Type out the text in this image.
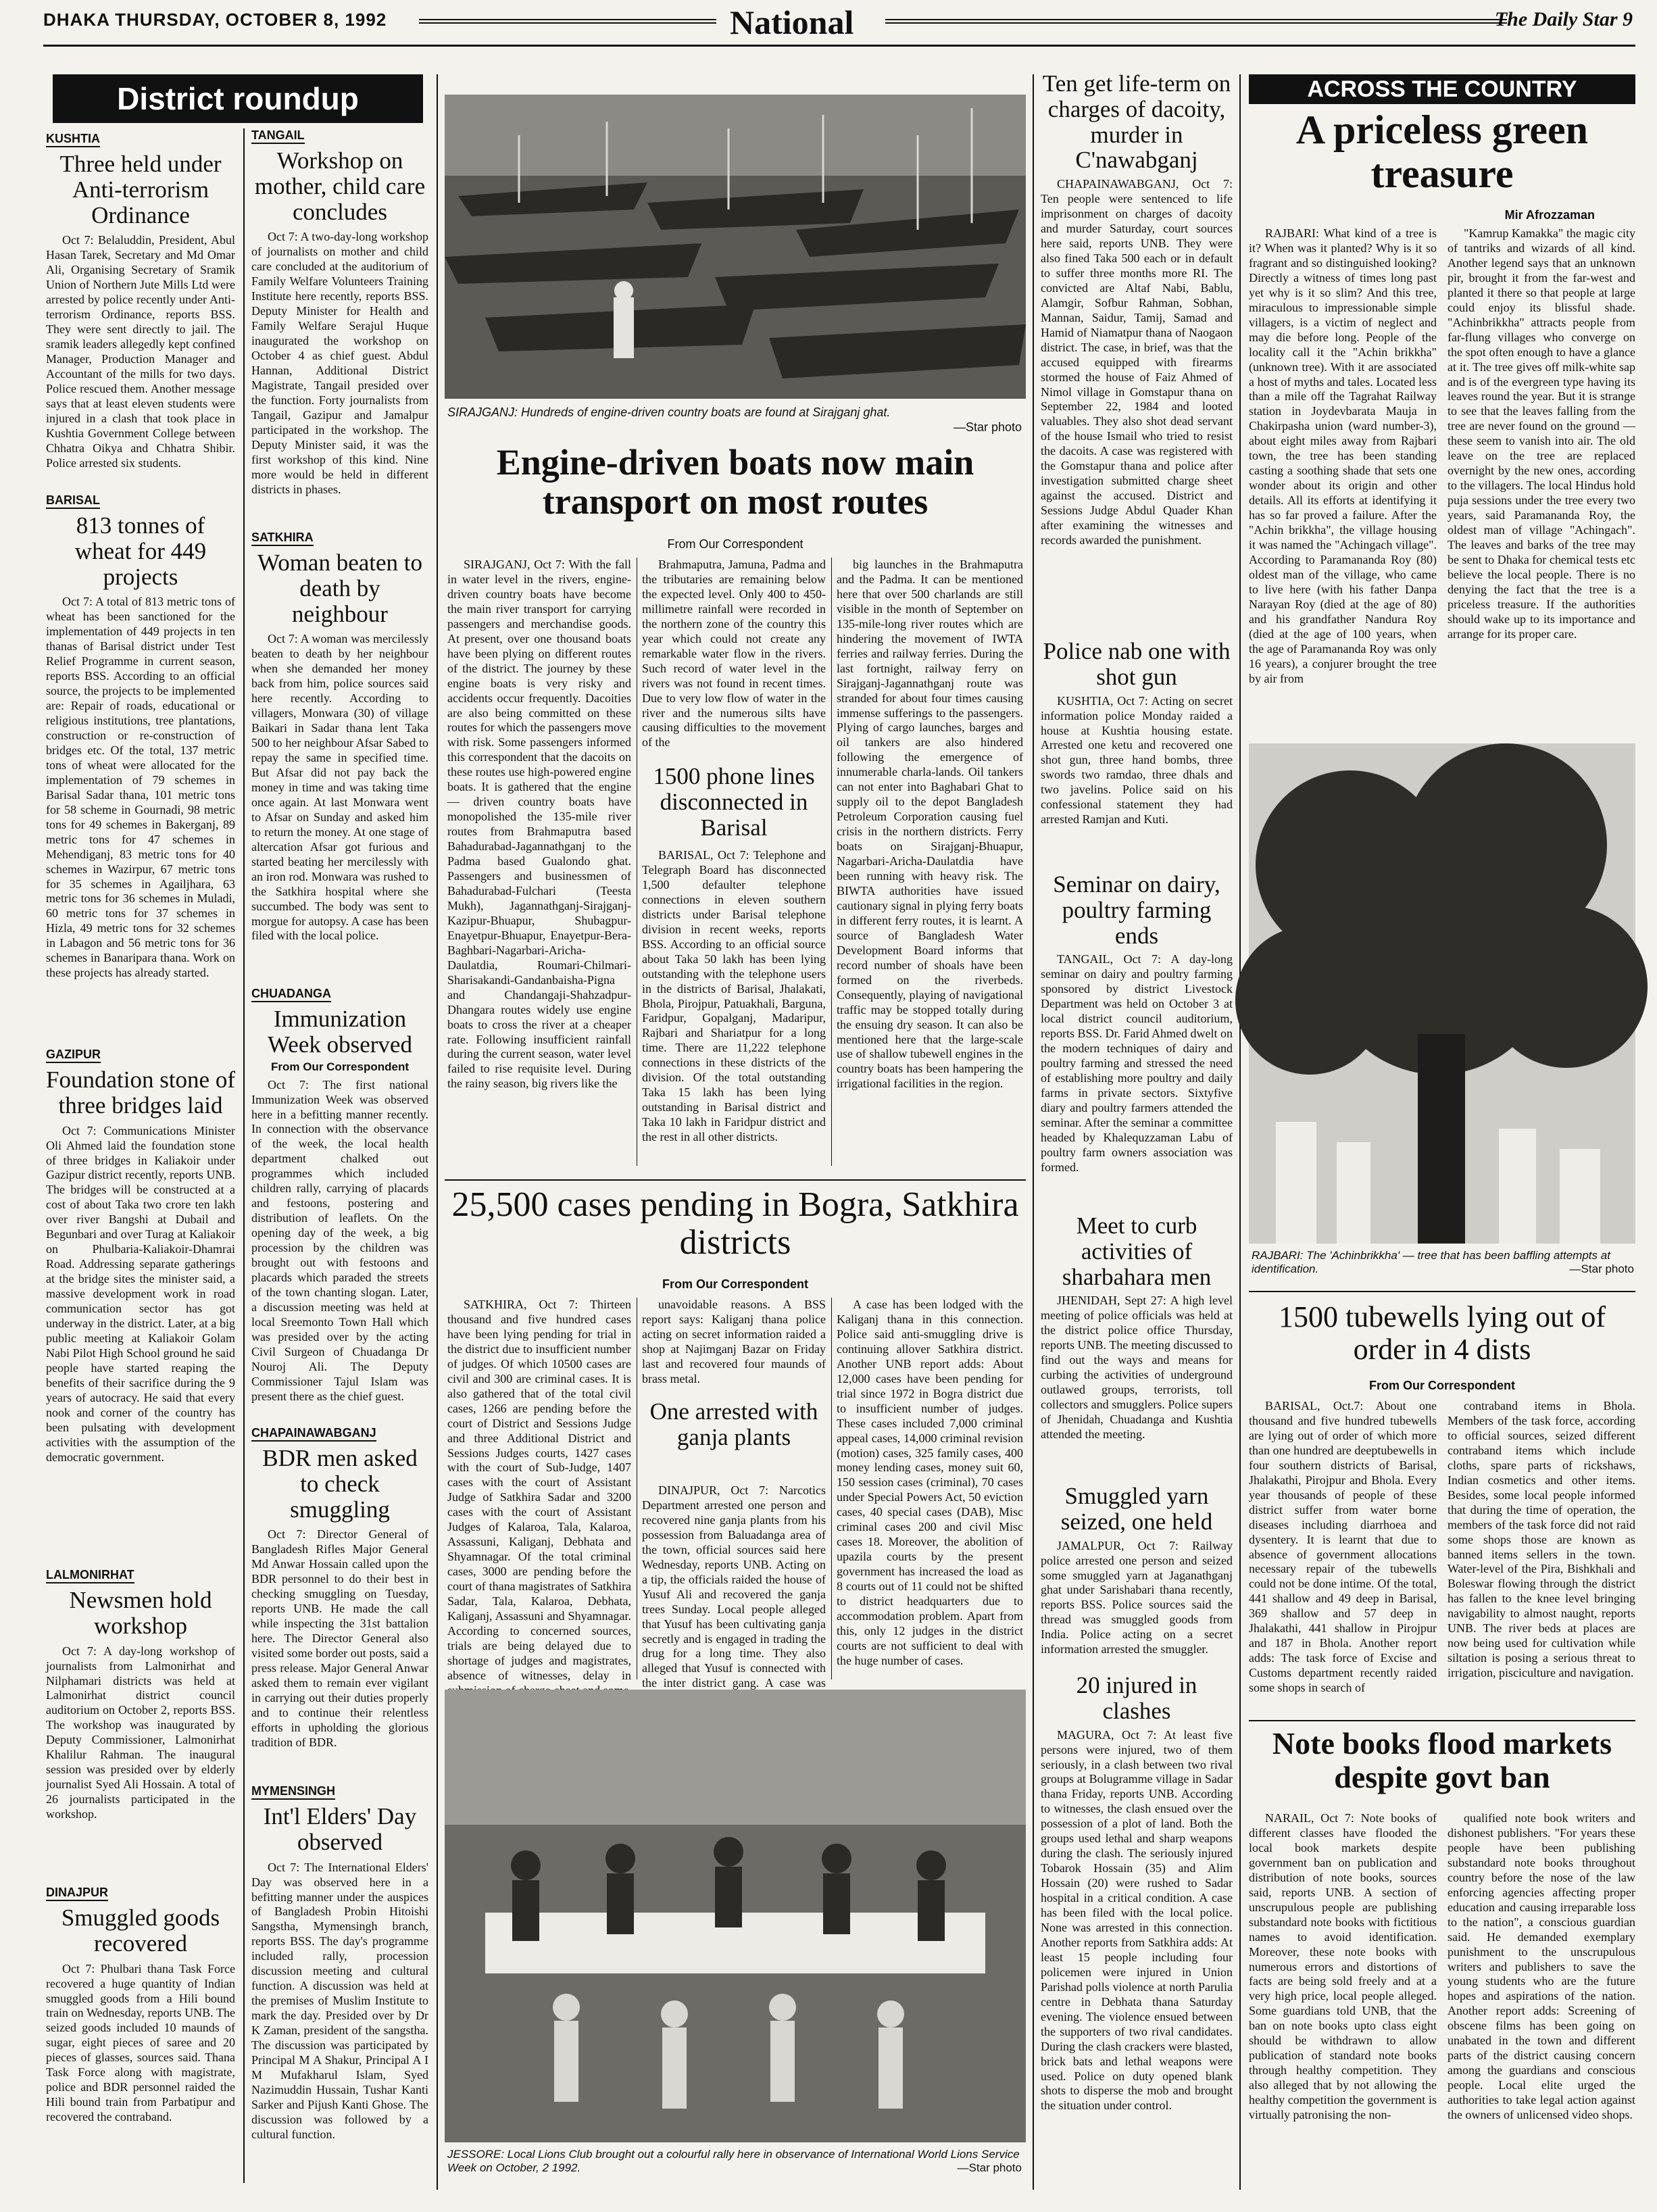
DHAKA THURSDAY, OCTOBER 8, 1992	National	The Daily Star 9
District roundup
KUSHTIA
Three held under Anti-terrorism Ordinance

Oct 7: Belaluddin, President, Abul Hasan Tarek, Secretary and Md Omar Ali, Organising Secretary of Sramik Union of Northern Jute Mills Ltd were arrested by police recently under Anti-terrorism Ordinance, reports BSS. They were sent directly to jail. The sramik leaders allegedly kept confined Manager, Production Manager and Accountant of the mills for two days. Police rescued them. Another message says that at least eleven students were injured in a clash that took place in Kushtia Government College between Chhatra Oikya and Chhatra Shibir. Police arrested six students.

BARISAL
813 tonnes of wheat for 449 projects

Oct 7: A total of 813 metric tons of wheat has been sanctioned for the implementation of 449 projects in ten thanas of Barisal district under Test Relief Programme in current season, reports BSS. According to an official source, the projects to be implemented are: Repair of roads, educational or religious institutions, tree plantations, construction or re-construction of bridges etc. Of the total, 137 metric tons of wheat were allocated for the implementation of 79 schemes in Barisal Sadar thana, 101 metric tons for 58 scheme in Gournadi, 98 metric tons for 49 schemes in Bakerganj, 89 metric tons for 47 schemes in Mehendiganj, 83 metric tons for 40 schemes in Wazirpur, 67 metric tons for 35 schemes in Agailjhara, 63 metric tons for 36 schemes in Muladi, 60 metric tons for 37 schemes in Hizla, 49 metric tons for 32 schemes in Labagon and 56 metric tons for 36 schemes in Banaripara thana. Work on these projects has already started.

GAZIPUR
Foundation stone of three bridges laid

Oct 7: Communications Minister Oli Ahmed laid the foundation stone of three bridges in Kaliakoir under Gazipur district recently, reports UNB. The bridges will be constructed at a cost of about Taka two crore ten lakh over river Bangshi at Dubail and Begunbari and over Turag at Kaliakoir on Phulbaria-Kaliakoir-Dhamrai Road. Addressing separate gatherings at the bridge sites the minister said, a massive development work in road communication sector has got underway in the district. Later, at a big public meeting at Kaliakoir Golam Nabi Pilot High School ground he said people have started reaping the benefits of their sacrifice during the 9 years of autocracy. He said that every nook and corner of the country has been pulsating with development activities with the assumption of the democratic government.

LALMONIRHAT
Newsmen hold workshop

Oct 7: A day-long workshop of journalists from Lalmonirhat and Nilphamari districts was held at Lalmonirhat district council auditorium on October 2, reports BSS. The workshop was inaugurated by Deputy Commissioner, Lalmonirhat Khalilur Rahman. The inaugural session was presided over by elderly journalist Syed Ali Hossain. A total of 26 journalists participated in the workshop.

DINAJPUR
Smuggled goods recovered

Oct 7: Phulbari thana Task Force recovered a huge quantity of Indian smuggled goods from a Hili bound train on Wednesday, reports UNB. The seized goods included 10 maunds of sugar, eight pieces of saree and 20 pieces of glasses, sources said. Thana Task Force along with magistrate, police and BDR personnel raided the Hili bound train from Parbatipur and recovered the contraband.

TANGAIL
Workshop on mother, child care concludes

Oct 7: A two-day-long workshop of journalists on mother and child care concluded at the auditorium of Family Welfare Volunteers Training Institute here recently, reports BSS. Deputy Minister for Health and Family Welfare Serajul Huque inaugurated the workshop on October 4 as chief guest. Abdul Hannan, Additional District Magistrate, Tangail presided over the function. Forty journalists from Tangail, Gazipur and Jamalpur participated in the workshop. The Deputy Minister said, it was the first workshop of this kind. Nine more would be held in different districts in phases.

SATKHIRA
Woman beaten to death by neighbour

Oct 7: A woman was mercilessly beaten to death by her neighbour when she demanded her money back from him, police sources said here recently. According to villagers, Monwara (30) of village Baikari in Sadar thana lent Taka 500 to her neighbour Afsar Sabed to repay the same in specified time. But Afsar did not pay back the money in time and was taking time once again. At last Monwara went to Afsar on Sunday and asked him to return the money. At one stage of altercation Afsar got furious and started beating her mercilessly with an iron rod. Monwara was rushed to the Satkhira hospital where she succumbed. The body was sent to morgue for autopsy. A case has been filed with the local police.

CHUADANGA
Immunization Week observed
From Our Correspondent

Oct 7: The first national Immunization Week was observed here in a befitting manner recently. In connection with the observance of the week, the local health department chalked out programmes which included children rally, carrying of placards and festoons, postering and distribution of leaflets. On the opening day of the week, a big procession by the children was brought out with festoons and placards which paraded the streets of the town chanting slogan. Later, a discussion meeting was held at local Sreemonto Town Hall which was presided over by the acting Civil Surgeon of Chuadanga Dr Nouroj Ali. The Deputy Commissioner Tajul Islam was present there as the chief guest.

CHAPAINAWABGANJ
BDR men asked to check smuggling

Oct 7: Director General of Bangladesh Rifles Major General Md Anwar Hossain called upon the BDR personnel to do their best in checking smuggling on Tuesday, reports UNB. He made the call while inspecting the 31st battalion here. The Director General also visited some border out posts, said a press release. Major General Anwar asked them to remain ever vigilant in carrying out their duties properly and to continue their relentless efforts in upholding the glorious tradition of BDR.

MYMENSINGH
Int'l Elders' Day observed

Oct 7: The International Elders' Day was observed here in a befitting manner under the auspices of Bangladesh Probin Hitoishi Sangstha, Mymensingh branch, reports BSS. The day's programme included rally, procession discussion meeting and cultural function. A discussion was held at the premises of Muslim Institute to mark the day. Presided over by Dr K Zaman, president of the sangstha. The discussion was participated by Principal M A Shakur, Principal A I M Mufakharul Islam, Syed Nazimuddin Hussain, Tushar Kanti Sarker and Pijush Kanti Ghose. The discussion was followed by a cultural function.

SIRAJGANJ: Hundreds of engine-driven country boats are found at Sirajganj ghat.
—Star photo
Engine-driven boats now main transport on most routes
From Our Correspondent

SIRAJGANJ, Oct 7: With the fall in water level in the rivers, engine-driven country boats have become the main river transport for carrying passengers and merchandise goods. At present, over one thousand boats have been plying on different routes of the district. The journey by these engine boats is very risky and accidents occur frequently. Dacoities are also being committed on these routes for which the passengers move with risk. Some passengers informed this correspondent that the dacoits on these routes use high-powered engine boats. It is gathered that the engine — driven country boats have monopolished the 135-mile river routes from Brahmaputra based Bahadurabad-Jagannathganj to the Padma based Gualondo ghat. Passengers and businessmen of Bahadurabad-Fulchari (Teesta Mukh), Jagannathganj-Sirajganj-Kazipur-Bhuapur, Shubagpur-Enayetpur-Bhuapur, Enayetpur-Bera-Baghbari-Nagarbari-Aricha-Daulatdia, Roumari-Chilmari-Sharisakandi-Gandanbaisha-Pigna and Chandangaji-Shahzadpur-Dhangara routes widely use engine boats to cross the river at a cheaper rate. Following insufficient rainfall during the current season, water level failed to rise requisite level. During the rainy season, big rivers like the

Brahmaputra, Jamuna, Padma and the tributaries are remaining below the expected level. Only 400 to 450-millimetre rainfall were recorded in the northern zone of the country this year which could not create any remarkable water flow in the rivers. Such record of water level in the rivers was not found in recent times. Due to very low flow of water in the river and the numerous silts have causing difficulties to the movement of the

1500 phone lines disconnected in Barisal

BARISAL, Oct 7: Telephone and Telegraph Board has disconnected 1,500 defaulter telephone connections in eleven southern districts under Barisal telephone division in recent weeks, reports BSS. According to an official source about Taka 50 lakh has been lying outstanding with the telephone users in the districts of Barisal, Jhalakati, Bhola, Pirojpur, Patuakhali, Barguna, Faridpur, Gopalganj, Madaripur, Rajbari and Shariatpur for a long time. There are 11,222 telephone connections in these districts of the division. Of the total outstanding Taka 15 lakh has been lying outstanding in Barisal district and Taka 10 lakh in Faridpur district and the rest in all other districts.

big launches in the Brahmaputra and the Padma. It can be mentioned here that over 500 charlands are still visible in the month of September on 135-mile-long river routes which are hindering the movement of IWTA ferries and railway ferries. During the last fortnight, railway ferry on Sirajganj-Jagannathganj route was stranded for about four times causing immense sufferings to the passengers. Plying of cargo launches, barges and oil tankers are also hindered following the emergence of innumerable charla-lands. Oil tankers can not enter into Baghabari Ghat to supply oil to the depot Bangladesh Petroleum Corporation causing fuel crisis in the northern districts. Ferry boats on Sirajganj-Bhuapur, Nagarbari-Aricha-Daulatdia have been running with heavy risk. The BIWTA authorities have issued cautionary signal in plying ferry boats in different ferry routes, it is learnt. A source of Bangladesh Water Development Board informs that record number of shoals have been formed on the riverbeds. Consequently, playing of navigational traffic may be stopped totally during the ensuing dry season. It can also be mentioned here that the large-scale use of shallow tubewell engines in the country boats has been hampering the irrigational facilities in the region.

25,500 cases pending in Bogra, Satkhira districts
From Our Correspondent

SATKHIRA, Oct 7: Thirteen thousand and five hundred cases have been lying pending for trial in the district due to insufficient number of judges. Of which 10500 cases are civil and 300 are criminal cases. It is also gathered that of the total civil cases, 1266 are pending before the court of District and Sessions Judge and three Additional District and Sessions Judges courts, 1427 cases with the court of Sub-Judge, 1407 cases with the court of Assistant Judge of Satkhira Sadar and 3200 cases with the court of Assistant Judges of Kalaroa, Tala, Kalaroa, Assassuni, Kaliganj, Debhata and Shyamnagar. Of the total criminal cases, 3000 are pending before the court of thana magistrates of Satkhira Sadar, Tala, Kalaroa, Debhata, Kaliganj, Assassuni and Shyamnagar. According to concerned sources, trials are being delayed due to shortage of judges and magistrates, absence of witnesses, delay in

unavoidable reasons. A BSS report says: Kaliganj thana police acting on secret information raided a shop at Najimganj Bazar on Friday last and recovered four maunds of brass metal.

One arrested with ganja plants

DINAJPUR, Oct 7: Narcotics Department arrested one person and recovered nine ganja plants from his possession from Baluadanga area of the town, official sources said here Wednesday, reports UNB. Acting on a tip, the officials raided the house of Yusuf Ali and recovered the ganja trees Sunday. Local people alleged that Yusuf has been cultivating ganja secretly and is engaged in trading the drug for a long time. They also alleged that Yusuf is connected with the inter district gang. A case was

A case has been lodged with the Kaliganj thana in this connection. Police said anti-smuggling drive is continuing allover Satkhira district. Another UNB report adds: About 12,000 cases have been pending for trial since 1972 in Bogra district due to insufficient number of judges. These cases included 7,000 criminal appeal cases, 14,000 criminal revision (motion) cases, 325 family cases, 400 money lending cases, money suit 60, 150 session cases (criminal), 70 cases under Special Powers Act, 50 eviction cases, 40 special cases (DAB), Misc criminal cases 200 and civil Misc cases 18. Moreover, the abolition of upazila courts by the present government has increased the load as 8 courts out of 11 could not be shifted to district headquarters due to accommodation problem. Apart from this, only 12 judges in the district courts are not sufficient to deal with the huge number of cases.

JESSORE: Local Lions Club brought out a colourful rally here in observance of International World Lions Service Week on October, 2 1992.	—Star photo
Ten get life-term on charges of dacoity, murder in C'nawabganj

CHAPAINAWABGANJ, Oct 7: Ten people were sentenced to life imprisonment on charges of dacoity and murder Saturday, court sources here said, reports UNB. They were also fined Taka 500 each or in default to suffer three months more RI. The convicted are Altaf Nabi, Bablu, Alamgir, Sofbur Rahman, Sobhan, Mannan, Saidur, Tamij, Samad and Hamid of Niamatpur thana of Naogaon district. The case, in brief, was that the accused equipped with firearms stormed the house of Faiz Ahmed of Nimol village in Gomstapur thana on September 22, 1984 and looted valuables. They also shot dead servant of the house Ismail who tried to resist the dacoits. A case was registered with the Gomstapur thana and police after investigation submitted charge sheet against the accused. District and Sessions Judge Abdul Quader Khan after examining the witnesses and records awarded the punishment.

Police nab one with shot gun

KUSHTIA, Oct 7: Acting on secret information police Monday raided a house at Kushtia housing estate. Arrested one ketu and recovered one shot gun, three hand bombs, three swords two ramdao, three dhals and two javelins. Police said on his confessional statement they had arrested Ramjan and Kuti.

Seminar on dairy, poultry farming ends

TANGAIL, Oct 7: A day-long seminar on dairy and poultry farming sponsored by district Livestock Department was held on October 3 at local district council auditorium, reports BSS. Dr. Farid Ahmed dwelt on the modern techniques of dairy and poultry farming and stressed the need of establishing more poultry and daily farms in private sectors. Sixtyfive diary and poultry farmers attended the seminar. After the seminar a committee headed by Khalequzzaman Labu of poultry farm owners association was formed.

Meet to curb activities of sharbahara men

JHENIDAH, Sept 27: A high level meeting of police officials was held at the district police office Thursday, reports UNB. The meeting discussed to find out the ways and means for curbing the activities of underground outlawed groups, terrorists, toll collectors and smugglers. Police supers of Jhenidah, Chuadanga and Kushtia attended the meeting.

Smuggled yarn seized, one held

JAMALPUR, Oct 7: Railway police arrested one person and seized some smuggled yarn at Jaganathganj ghat under Sarishabari thana recently, reports BSS. Police sources said the thread was smuggled goods from India. Police acting on a secret information arrested the smuggler.

20 injured in clashes

MAGURA, Oct 7: At least five persons were injured, two of them seriously, in a clash between two rival groups at Bolugramme village in Sadar thana Friday, reports UNB. According to witnesses, the clash ensued over the possession of a plot of land. Both the groups used lethal and sharp weapons during the clash. The seriously injured Tobarok Hossain (35) and Alim Hossain (20) were rushed to Sadar hospital in a critical condition. A case has been filed with the local police. None was arrested in this connection. Another reports from Satkhira adds: At least 15 people including four policemen were injured in Union Parishad polls violence at north Parulia centre in Debhata thana Saturday evening. The violence ensued between the supporters of two rival candidates. During the clash crackers were blasted, brick bats and lethal weapons were used. Police on duty opened blank shots to disperse the mob and brought the situation under control.

ACROSS THE COUNTRY
A priceless green treasure
Mir Afrozzaman

RAJBARI: What kind of a tree is it? When was it planted? Why is it so fragrant and so distinguished looking? Directly a witness of times long past yet why is it so slim? And this tree, miraculous to impressionable simple villagers, is a victim of neglect and may die before long. People of the locality call it the "Achin brikkha" (unknown tree). With it are associated a host of myths and tales. Located less than a mile off the Tagrahat Railway station in Joydevbarata Mauja in Chakirpasha union (ward number-3), about eight miles away from Rajbari town, the tree has been standing casting a soothing shade that sets one wonder about its origin and other details. All its efforts at identifying it has so far proved a failure. After the "Achin brikkha", the village housing it was named the "Achingach village". According to Paramananda Roy (80) oldest man of the village, who came to live here (with his father Danpa Narayan Roy (died at the age of 80) and his grandfather Nandura Roy (died at the age of 100 years, when the age of Paramananda Roy was only 16 years), a conjurer brought the tree by air from

"Kamrup Kamakka" the magic city of tantriks and wizards of all kind. Another legend says that an unknown pir, brought it from the far-west and planted it there so that people at large could enjoy its blissful shade. "Achinbrikkha" attracts people from far-flung villages who converge on the spot often enough to have a glance at it. The tree gives off milk-white sap and is of the evergreen type having its leaves round the year. But it is strange to see that the leaves falling from the tree are never found on the ground — these seem to vanish into air. The old leave on the tree are replaced overnight by the new ones, according to the villagers. The local Hindus hold puja sessions under the tree every two years, said Paramananda Roy, the oldest man of village "Achingach". The leaves and barks of the tree may be sent to Dhaka for chemical tests etc believe the local people. There is no denying the fact that the tree is a priceless treasure. If the authorities should wake up to its importance and arrange for its proper care.

RAJBARI: The 'Achinbrikkha' — tree that has been baffling attempts at identification.	—Star photo
1500 tubewells lying out of order in 4 dists
From Our Correspondent

BARISAL, Oct.7: About one thousand and five hundred tubewells are lying out of order of which more than one hundred are deeptubewells in four southern districts of Barisal, Jhalakathi, Pirojpur and Bhola. Every year thousands of people of these district suffer from water borne diseases including diarrhoea and dysentery. It is learnt that due to absence of government allocations necessary repair of the tubewells could not be done intime. Of the total, 441 shallow and 49 deep in Barisal, 369 shallow and 57 deep in Jhalakathi, 441 shallow in Pirojpur and 187 in Bhola. Another report adds: The task force of Excise and Customs department recently raided some shops in search of

contraband items in Bhola. Members of the task force, according to official sources, seized different contraband items which include cloths, spare parts of rickshaws, Indian cosmetics and other items. Besides, some local people informed that during the time of operation, the members of the task force did not raid some shops those are known as banned items sellers in the town. Water-level of the Pira, Bishkhali and Boleswar flowing through the district has fallen to the knee level bringing navigability to almost naught, reports UNB. The river beds at places are now being used for cultivation while siltation is posing a serious threat to irrigation, pisciculture and navigation.

Note books flood markets despite govt ban

NARAIL, Oct 7: Note books of different classes have flooded the local book markets despite government ban on publication and distribution of note books, sources said, reports UNB. A section of unscrupulous people are publishing substandard note books with fictitious names to avoid identification. Moreover, these note books with numerous errors and distortions of facts are being sold freely and at a very high price, local people alleged. Some guardians told UNB, that the ban on note books upto class eight should be withdrawn to allow publication of standard note books through healthy competition. They also alleged that by not allowing the healthy competition the government is virtually patronising the non-

qualified note book writers and dishonest publishers. "For years these people have been publishing substandard note books throughout country before the nose of the law enforcing agencies affecting proper education and causing irreparable loss to the nation", a conscious guardian said. He demanded exemplary punishment to the unscrupulous writers and publishers to save the young students who are the future hopes and aspirations of the nation. Another report adds: Screening of obscene films has been going on unabated in the town and different parts of the district causing concern among the guardians and conscious people. Local elite urged the authorities to take legal action against the owners of unlicensed video shops.
